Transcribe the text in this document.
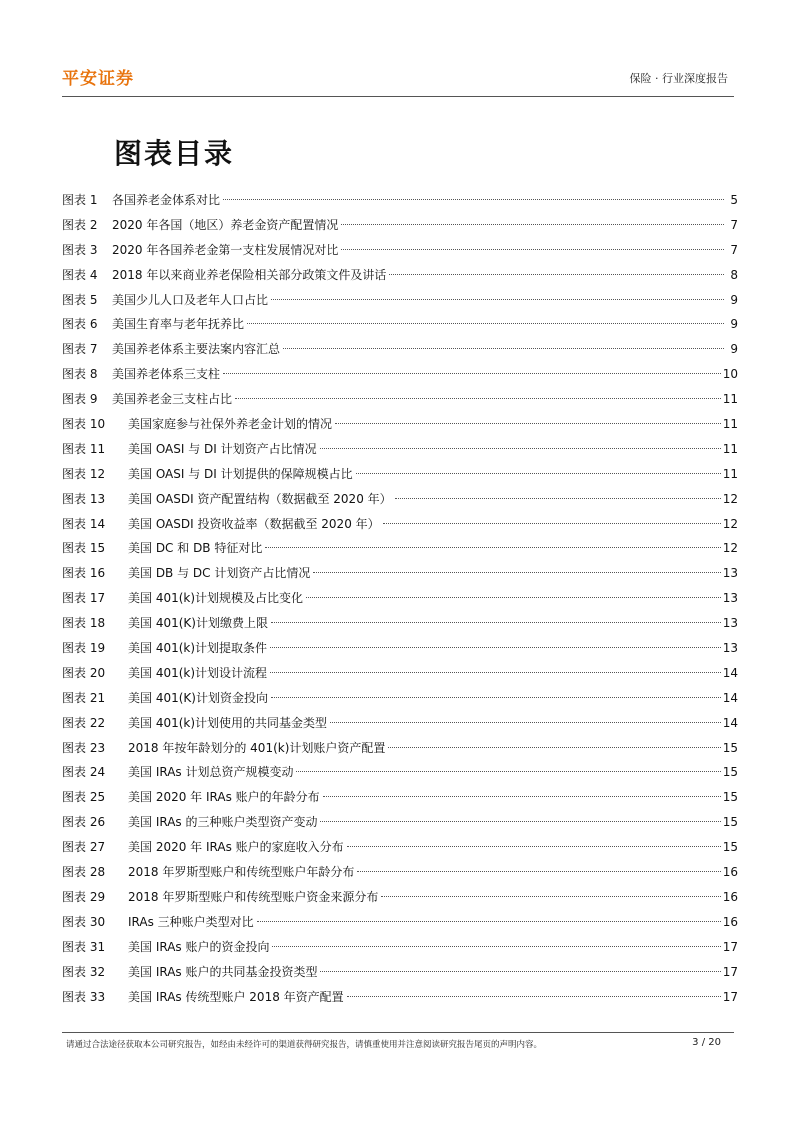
平安证券	保险 · 行业深度报告
图表目录
图表 1	各国养老金体系对比	5
图表 2	2020 年各国（地区）养老金资产配置情况	7
图表 3	2020 年各国养老金第一支柱发展情况对比	7
图表 4	2018 年以来商业养老保险相关部分政策文件及讲话	8
图表 5	美国少儿人口及老年人口占比	9
图表 6	美国生育率与老年抚养比	9
图表 7	美国养老体系主要法案内容汇总	9
图表 8	美国养老体系三支柱	10
图表 9	美国养老金三支柱占比	11
图表 10	美国家庭参与社保外养老金计划的情况	11
图表 11	美国 OASI 与 DI 计划资产占比情况	11
图表 12	美国 OASI 与 DI 计划提供的保障规模占比	11
图表 13	美国 OASDI 资产配置结构（数据截至 2020 年）	12
图表 14	美国 OASDI 投资收益率（数据截至 2020 年）	12
图表 15	美国 DC 和 DB 特征对比	12
图表 16	美国 DB 与 DC 计划资产占比情况	13
图表 17	美国 401(k)计划规模及占比变化	13
图表 18	美国 401(K)计划缴费上限	13
图表 19	美国 401(k)计划提取条件	13
图表 20	美国 401(k)计划设计流程	14
图表 21	美国 401(K)计划资金投向	14
图表 22	美国 401(k)计划使用的共同基金类型	14
图表 23	2018 年按年龄划分的 401(k)计划账户资产配置	15
图表 24	美国 IRAs 计划总资产规模变动	15
图表 25	美国 2020 年 IRAs 账户的年龄分布	15
图表 26	美国 IRAs 的三种账户类型资产变动	15
图表 27	美国 2020 年 IRAs 账户的家庭收入分布	15
图表 28	2018 年罗斯型账户和传统型账户年龄分布	16
图表 29	2018 年罗斯型账户和传统型账户资金来源分布	16
图表 30	IRAs 三种账户类型对比	16
图表 31	美国 IRAs 账户的资金投向	17
图表 32	美国 IRAs 账户的共同基金投资类型	17
图表 33	美国 IRAs 传统型账户 2018 年资产配置	17
请通过合法途径获取本公司研究报告，如经由未经许可的渠道获得研究报告，请慎重使用并注意阅读研究报告尾页的声明内容。	3 / 20
